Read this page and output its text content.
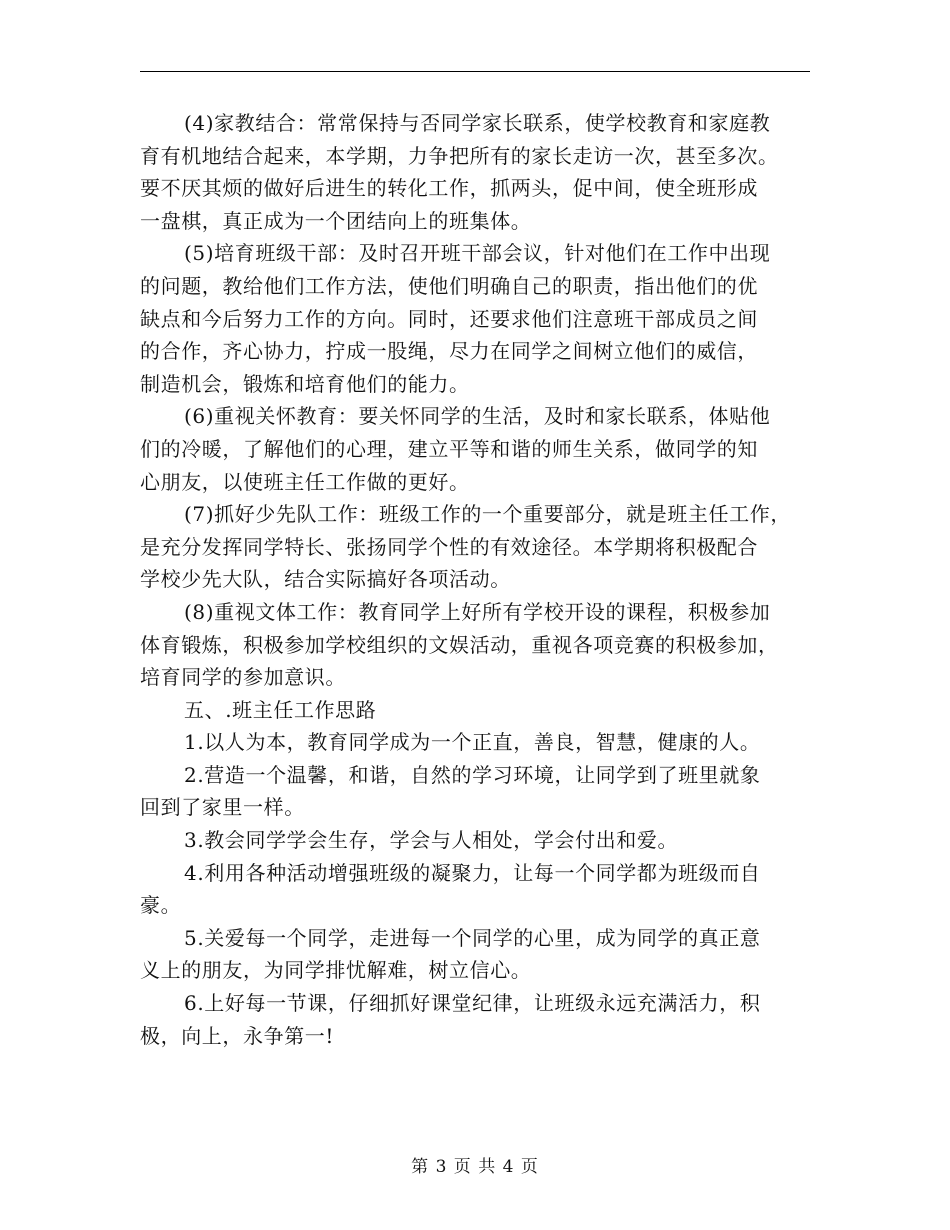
(4)家教结合：常常保持与否同学家长联系，使学校教育和家庭教
育有机地结合起来，本学期，力争把所有的家长走访一次，甚至多次。
要不厌其烦的做好后进生的转化工作，抓两头，促中间，使全班形成
一盘棋，真正成为一个团结向上的班集体。
(5)培育班级干部：及时召开班干部会议，针对他们在工作中出现
的问题，教给他们工作方法，使他们明确自己的职责，指出他们的优
缺点和今后努力工作的方向。同时，还要求他们注意班干部成员之间
的合作，齐心协力，拧成一股绳，尽力在同学之间树立他们的威信，
制造机会，锻炼和培育他们的能力。
(6)重视关怀教育：要关怀同学的生活，及时和家长联系，体贴他
们的冷暖，了解他们的心理，建立平等和谐的师生关系，做同学的知
心朋友，以使班主任工作做的更好。
(7)抓好少先队工作：班级工作的一个重要部分，就是班主任工作，
是充分发挥同学特长、张扬同学个性的有效途径。本学期将积极配合
学校少先大队，结合实际搞好各项活动。
(8)重视文体工作：教育同学上好所有学校开设的课程，积极参加
体育锻炼，积极参加学校组织的文娱活动，重视各项竞赛的积极参加，
培育同学的参加意识。
五、.班主任工作思路
1.以人为本，教育同学成为一个正直，善良，智慧，健康的人。
2.营造一个温馨，和谐，自然的学习环境，让同学到了班里就象
回到了家里一样。
3.教会同学学会生存，学会与人相处，学会付出和爱。
4.利用各种活动增强班级的凝聚力，让每一个同学都为班级而自
豪。
5.关爱每一个同学，走进每一个同学的心里，成为同学的真正意
义上的朋友，为同学排忧解难，树立信心。
6.上好每一节课，仔细抓好课堂纪律，让班级永远充满活力，积
极，向上，永争第一!
第 3 页 共 4 页
